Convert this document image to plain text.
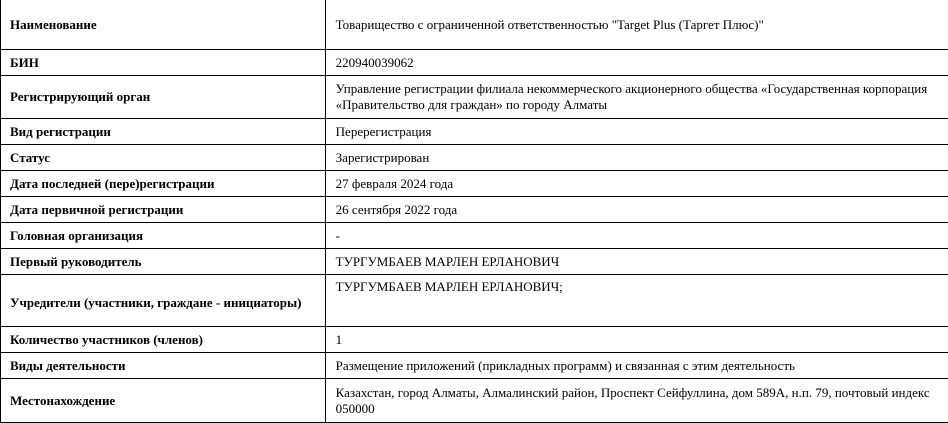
Наименование	Товарищество с ограниченной ответственностью "Target Plus (Таргет Плюс)"
БИН	220940039062
Регистрирующий орган	Управление регистрации филиала некоммерческого акционерного общества «Государственная корпорация «Правительство для граждан» по городу Алматы
Вид регистрации	Перерегистрация
Статус	Зарегистрирован
Дата последней (пере)регистрации	27 февраля 2024 года
Дата первичной регистрации	26 сентября 2022 года
Головная организация	-
Первый руководитель	ТУРГУМБАЕВ МАРЛЕН ЕРЛАНОВИЧ
Учредители (участники, граждане - инициаторы)	ТУРГУМБАЕВ МАРЛЕН ЕРЛАНОВИЧ;
Количество участников (членов)	1
Виды деятельности	Размещение приложений (прикладных программ) и связанная с этим деятельность
Местонахождение	Казахстан, город Алматы, Алмалинский район, Проспект Сейфуллина, дом 589А, н.п. 79, почтовый индекс 050000
